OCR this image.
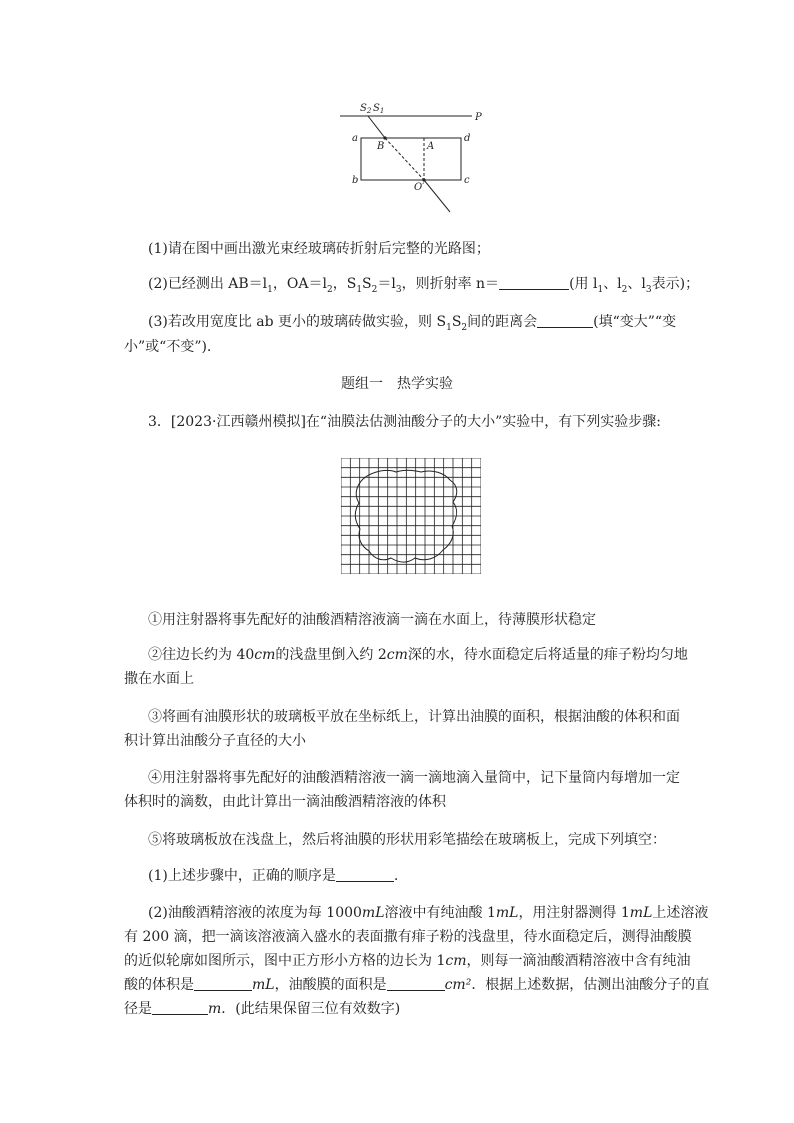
$S_2$ $S_1$
P
a
B	A
d
b
O′
c
(1)请在图中画出激光束经玻璃砖折射后完整的光路图；
(2)已经测出 $AB=l_1$，$OA=l_2$，$S_1S_2=l_3$，则折射率 n＝	(用 $l_1$、$l_2$、$l_3$表示)；
(3)若改用宽度比 ab 更小的玻璃砖做实验，则 $S_1S_2$间的距离会	(填“变大”“变
小”或“不变”).
题组一　热学实验
3．[2023·江西赣州模拟]在“油膜法估测油酸分子的大小”实验中，有下列实验步骤:
①用注射器将事先配好的油酸酒精溶液滴一滴在水面上，待薄膜形状稳定
②往边长约为 40cm的浅盘里倒入约 2cm深的水，待水面稳定后将适量的痱子粉均匀地
撒在水面上
③将画有油膜形状的玻璃板平放在坐标纸上，计算出油膜的面积，根据油酸的体积和面
积计算出油酸分子直径的大小
④用注射器将事先配好的油酸酒精溶液一滴一滴地滴入量筒中，记下量筒内每增加一定
体积时的滴数，由此计算出一滴油酸酒精溶液的体积
⑤将玻璃板放在浅盘上，然后将油膜的形状用彩笔描绘在玻璃板上，完成下列填空：
(1)上述步骤中，正确的顺序是	.
(2)油酸酒精溶液的浓度为每 1000mL溶液中有纯油酸 1mL，用注射器测得 1mL上述溶液
有 200 滴，把一滴该溶液滴入盛水的表面撒有痱子粉的浅盘里，待水面稳定后，测得油酸膜
的近似轮廓如图所示，图中正方形小方格的边长为 1cm，则每一滴油酸酒精溶液中含有纯油
酸的体积是	mL，油酸膜的面积是	cm²．根据上述数据，估测出油酸分子的直
径是	m．(此结果保留三位有效数字)
